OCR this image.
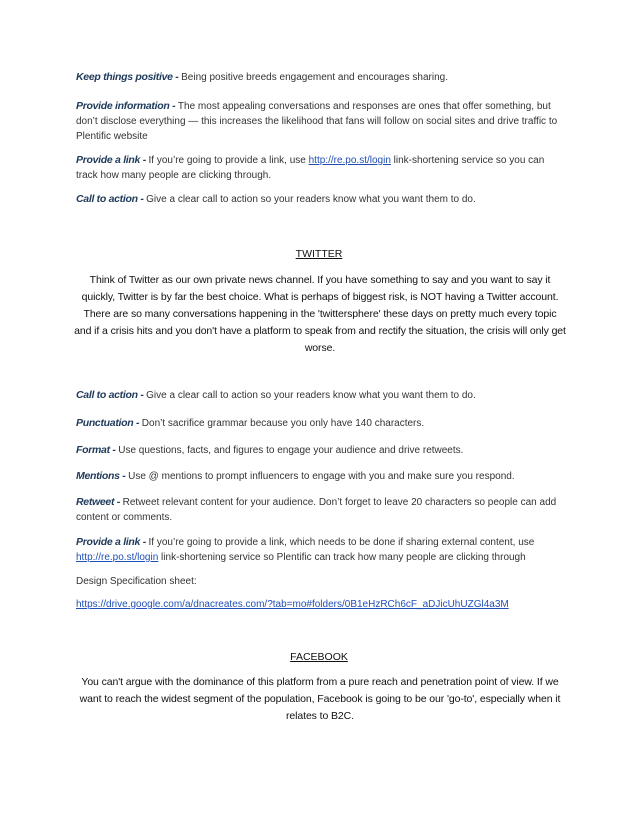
Keep things positive - Being positive breeds engagement and encourages sharing.

Provide information - The most appealing conversations and responses are ones that offer something, but don’t disclose everything — this increases the likelihood that fans will follow on social sites and drive traffic to Plentific website

Provide a link - If you’re going to provide a link, use http://re.po.st/login link-shortening service so you can track how many people are clicking through.

Call to action - Give a clear call to action so your readers know what you want them to do.

TWITTER

Think of Twitter as our own private news channel. If you have something to say and you want to say it quickly, Twitter is by far the best choice. What is perhaps of biggest risk, is NOT having a Twitter account. There are so many conversations happening in the 'twittersphere' these days on pretty much every topic and if a crisis hits and you don't have a platform to speak from and rectify the situation, the crisis will only get worse.

Call to action - Give a clear call to action so your readers know what you want them to do.

Punctuation - Don’t sacrifice grammar because you only have 140 characters.

Format - Use questions, facts, and figures to engage your audience and drive retweets.

Mentions - Use @ mentions to prompt influencers to engage with you and make sure you respond.

Retweet - Retweet relevant content for your audience. Don’t forget to leave 20 characters so people can add content or comments.

Provide a link - If you’re going to provide a link, which needs to be done if sharing external content, use http://re.po.st/login link-shortening service so Plentific can track how many people are clicking through

Design Specification sheet:

https://drive.google.com/a/dnacreates.com/?tab=mo#folders/0B1eHzRCh6cF_aDJicUhUZGl4a3M

FACEBOOK

You can't argue with the dominance of this platform from a pure reach and penetration point of view. If we want to reach the widest segment of the population, Facebook is going to be our 'go-to', especially when it relates to B2C.
